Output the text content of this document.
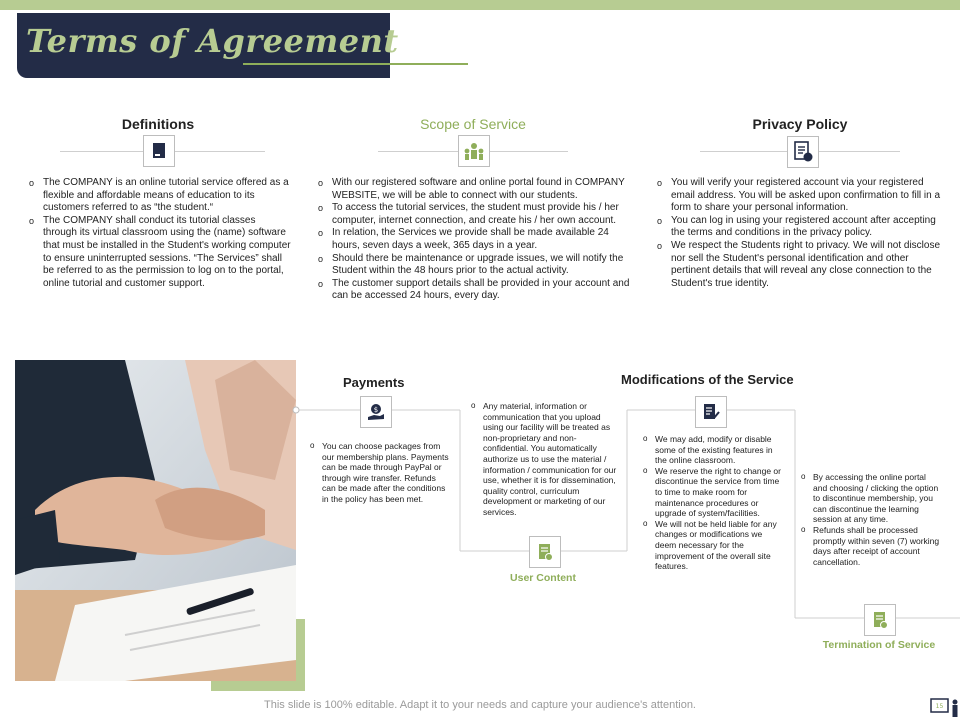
Terms of Agreement
Definitions
o The COMPANY is an online tutorial service offered as a flexible and affordable means of education to its customers referred to as “the student.“
o The COMPANY shall conduct its tutorial classes through its virtual classroom using the (name) software that must be installed in the Student's working computer to ensure uninterrupted sessions. “The Services” shall be referred to as the permission to log on to the portal, online tutorial and customer support.
Scope of Service
o With our registered software and online portal found in COMPANY WEBSITE, we will be able to connect with our students.
o To access the tutorial services, the student must provide his / her computer, internet connection, and create his / her own account.
o In relation, the Services we provide shall be made available 24 hours, seven days a week, 365 days in a year.
o Should there be maintenance or upgrade issues, we will notify the Student within the 48 hours prior to the actual activity.
o The customer support details shall be provided in your account and can be accessed 24 hours, every day.
Privacy Policy
o You will verify your registered account via your registered email address. You will be asked upon confirmation to fill in a form to share your personal information.
o You can log in using your registered account after accepting the terms and conditions in the privacy policy.
o We respect the Students right to privacy. We will not disclose nor sell the Student's personal identification and other pertinent details that will reveal any close connection to the Student's true identity.
Payments
$
o You can choose packages from our membership plans. Payments can be made through PayPal or through wire transfer. Refunds can be made after the conditions in the policy has been met.
o Any material, information or communication that you upload using our facility will be treated as non-proprietary and non-confidential. You automatically authorize us to use the material / information / communication for our use, whether it is for dissemination, quality control, curriculum development or marketing of our services.
User Content
Modifications of the Service
o We may add, modify or disable some of the existing features in the online classroom.
o We reserve the right to change or discontinue the service from time to time to make room for maintenance procedures or upgrade of system/facilities.
o We will not be held liable for any changes or modifications we deem necessary for the improvement of the overall site features.
o By accessing the online portal and choosing / clicking the option to discontinue membership, you can discontinue the learning session at any time.
o Refunds shall be processed promptly within seven (7) working days after receipt of account cancellation.
Termination of Service
This slide is 100% editable. Adapt it to your needs and capture your audience's attention.	15
